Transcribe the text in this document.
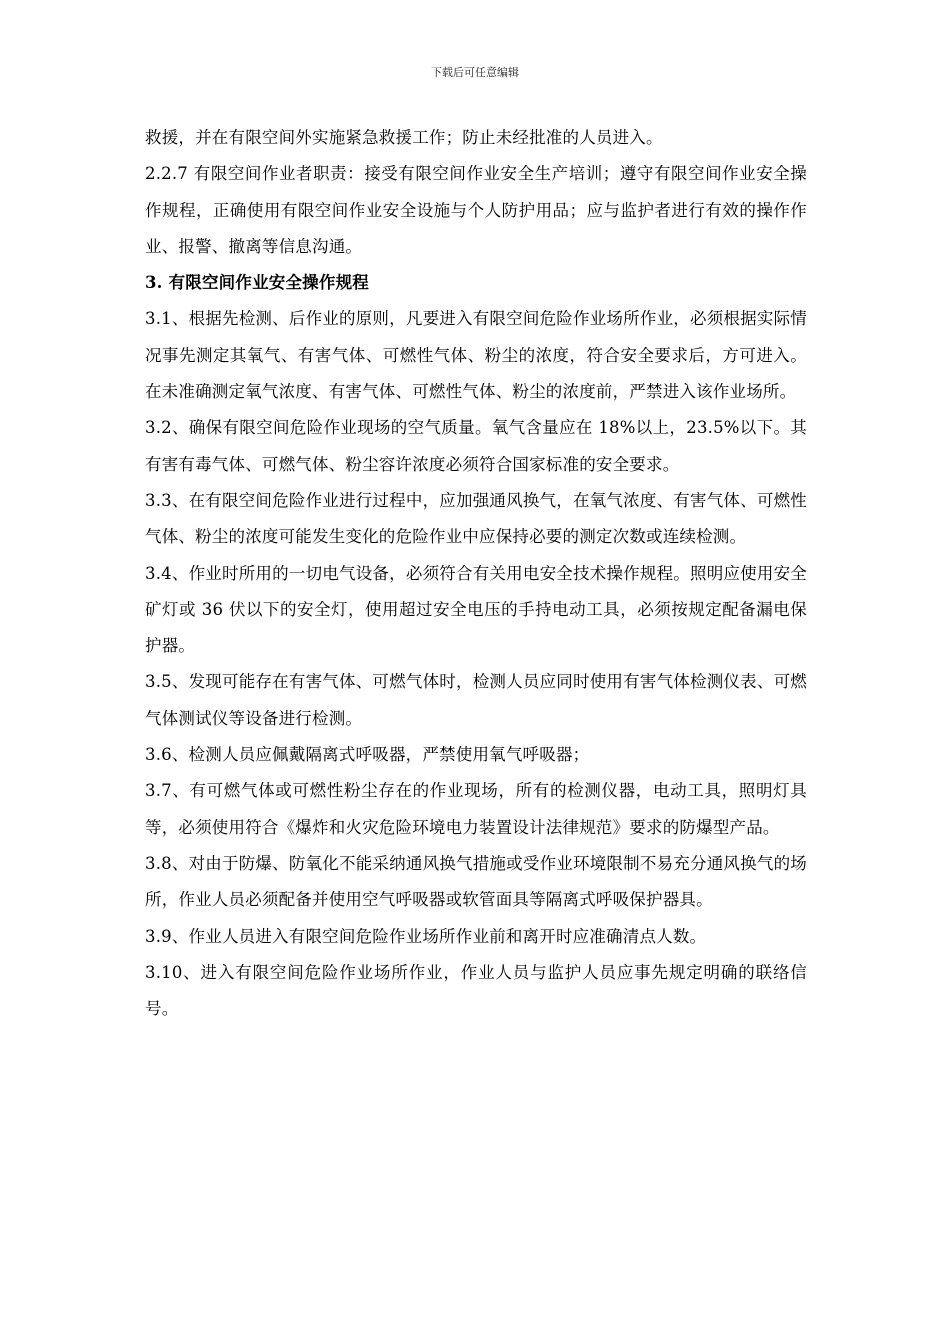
下载后可任意编辑

救援，并在有限空间外实施紧急救援工作；防止未经批准的人员进入。

2.2.7 有限空间作业者职责：接受有限空间作业安全生产培训；遵守有限空间作业安全操作规程，正确使用有限空间作业安全设施与个人防护用品；应与监护者进行有效的操作作业、报警、撤离等信息沟通。

3. 有限空间作业安全操作规程

3.1、根据先检测、后作业的原则，凡要进入有限空间危险作业场所作业，必须根据实际情况事先测定其氧气、有害气体、可燃性气体、粉尘的浓度，符合安全要求后，方可进入。在未准确测定氧气浓度、有害气体、可燃性气体、粉尘的浓度前，严禁进入该作业场所。

3.2、确保有限空间危险作业现场的空气质量。氧气含量应在 18%以上，23.5%以下。其有害有毒气体、可燃气体、粉尘容许浓度必须符合国家标准的安全要求。

3.3、在有限空间危险作业进行过程中，应加强通风换气，在氧气浓度、有害气体、可燃性气体、粉尘的浓度可能发生变化的危险作业中应保持必要的测定次数或连续检测。

3.4、作业时所用的一切电气设备，必须符合有关用电安全技术操作规程。照明应使用安全矿灯或 36 伏以下的安全灯，使用超过安全电压的手持电动工具，必须按规定配备漏电保护器。

3.5、发现可能存在有害气体、可燃气体时，检测人员应同时使用有害气体检测仪表、可燃气体测试仪等设备进行检测。

3.6、检测人员应佩戴隔离式呼吸器，严禁使用氧气呼吸器；

3.7、有可燃气体或可燃性粉尘存在的作业现场，所有的检测仪器，电动工具，照明灯具等，必须使用符合《爆炸和火灾危险环境电力装置设计法律规范》要求的防爆型产品。

3.8、对由于防爆、防氧化不能采纳通风换气措施或受作业环境限制不易充分通风换气的场所，作业人员必须配备并使用空气呼吸器或软管面具等隔离式呼吸保护器具。

3.9、作业人员进入有限空间危险作业场所作业前和离开时应准确清点人数。

3.10、进入有限空间危险作业场所作业，作业人员与监护人员应事先规定明确的联络信号。
